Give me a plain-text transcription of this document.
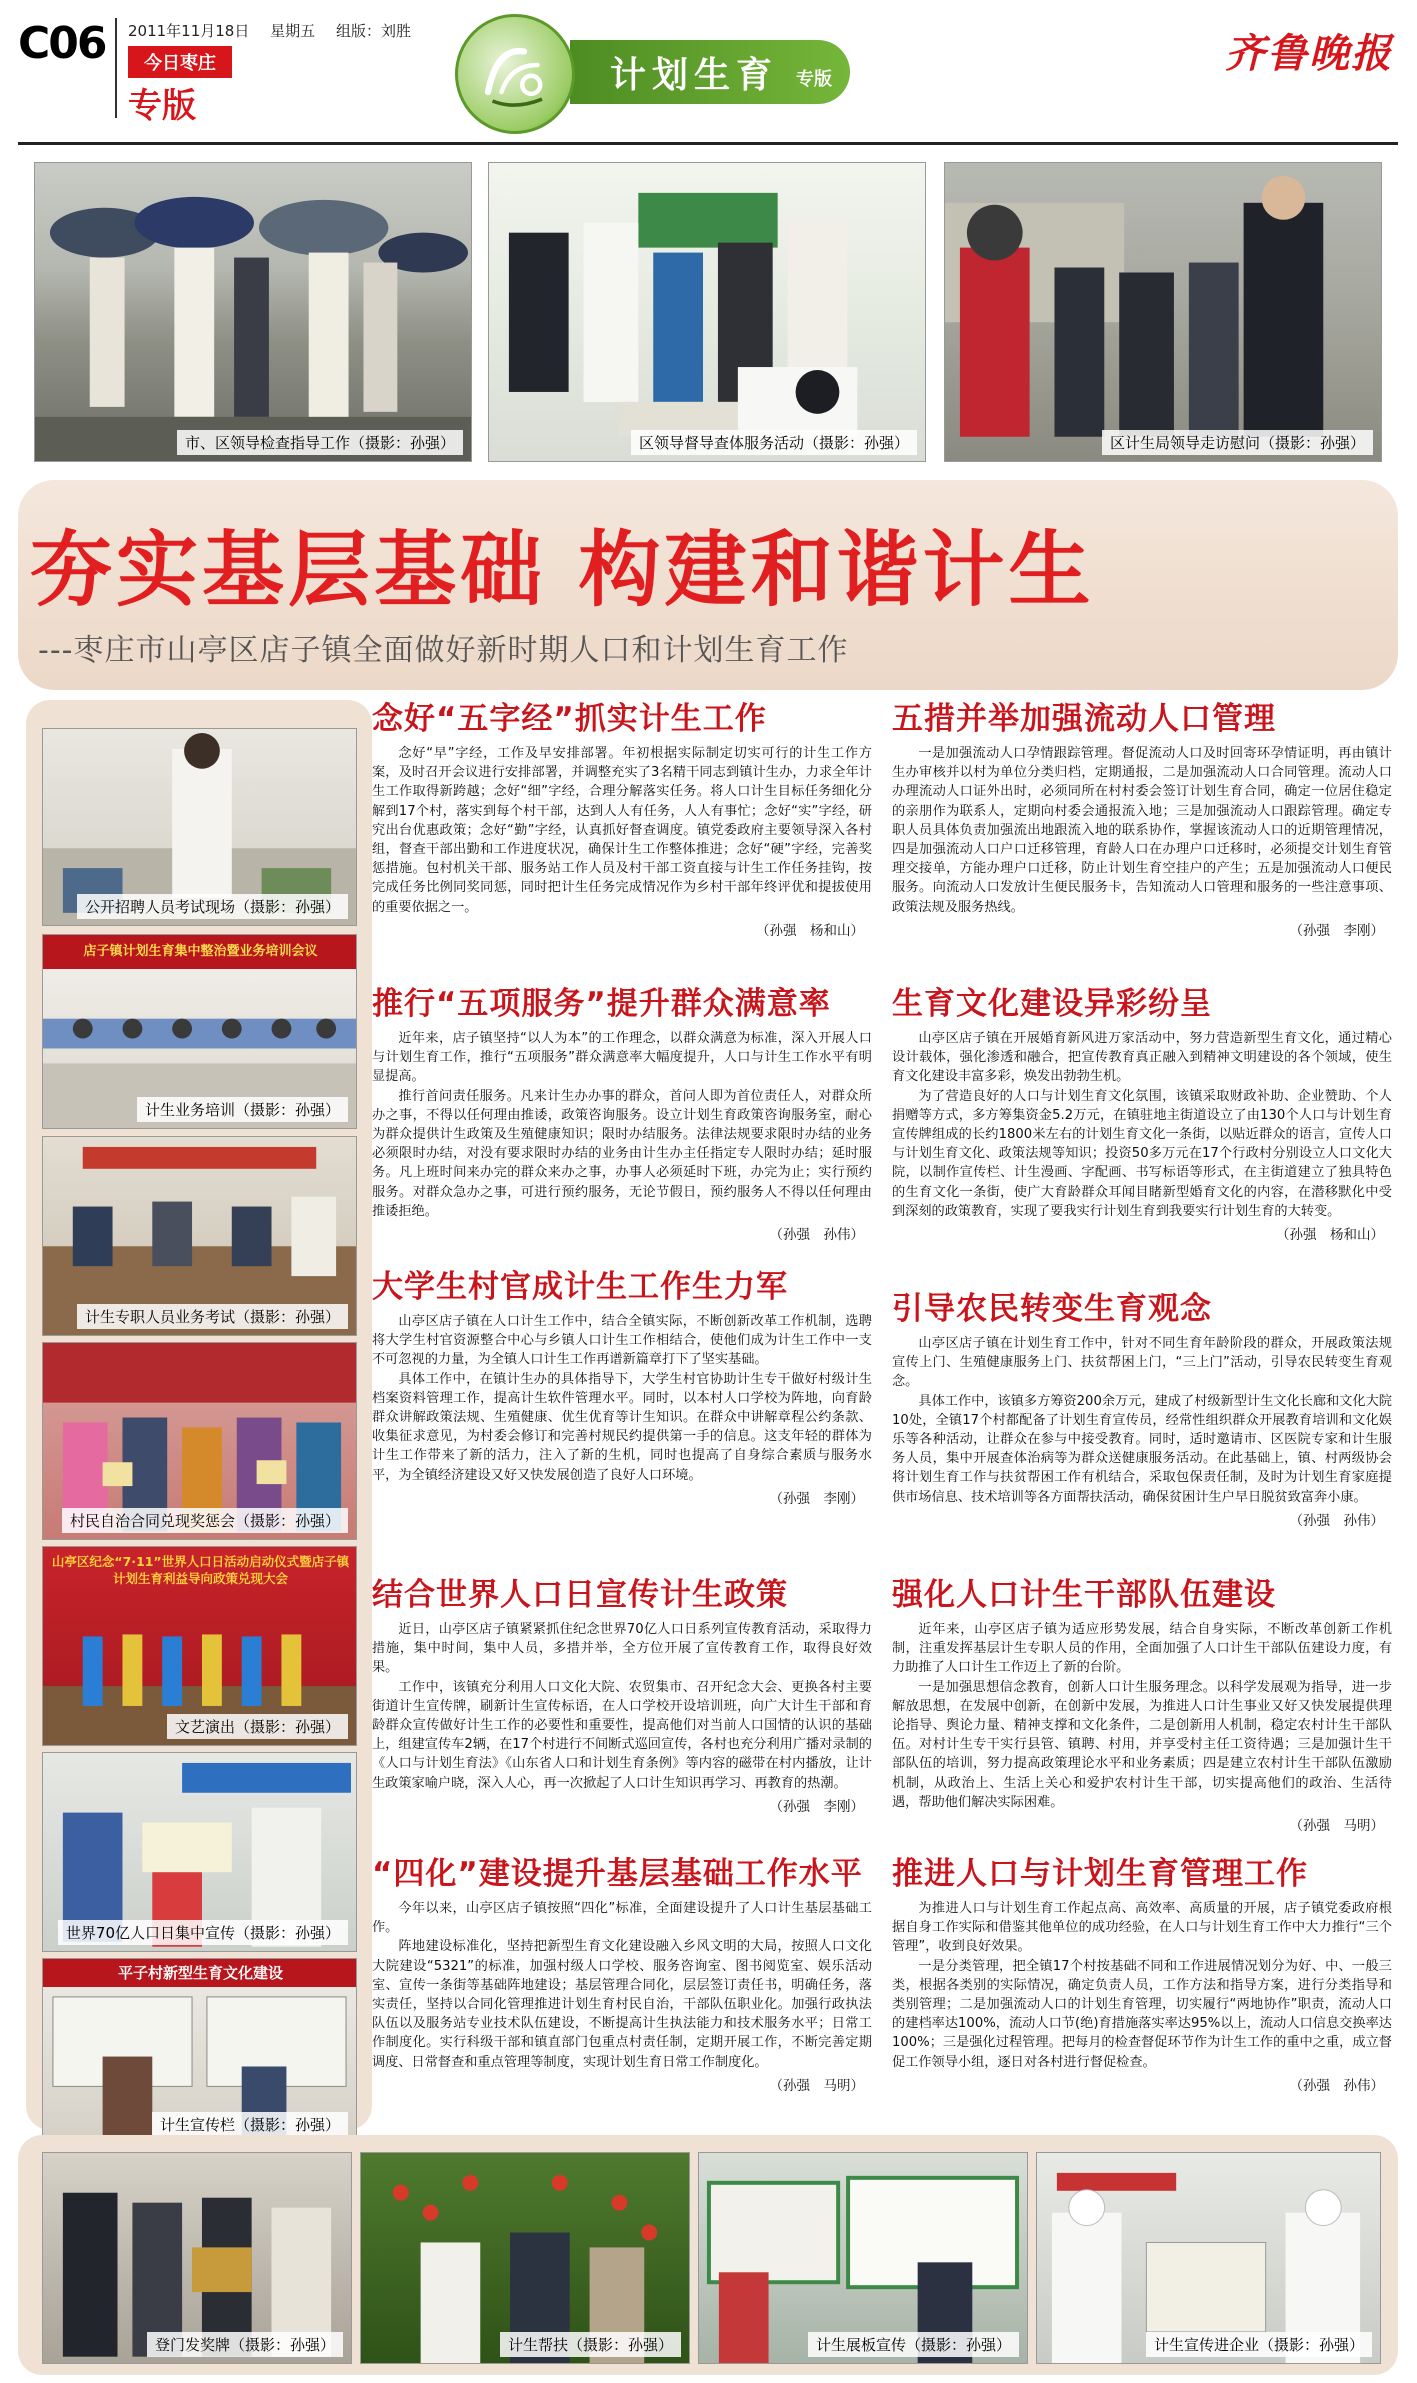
C06 2011年11月18日 星期五 组版：刘胜
今日枣庄
专版
计划生育 专版
齐鲁晚报
市、区领导检查指导工作（摄影：孙强）	区领导督导查体服务活动（摄影：孙强）	区计生局领导走访慰问（摄影：孙强）
夯实基层基础 构建和谐计生
---枣庄市山亭区店子镇全面做好新时期人口和计划生育工作
公开招聘人员考试现场（摄影：孙强）
店子镇计划生育集中整治暨业务培训会议
计生业务培训（摄影：孙强）
计生专职人员业务考试（摄影：孙强）
村民自治合同兑现奖惩会（摄影：孙强）
山亭区纪念“7·11”世界人口日活动启动仪式暨店子镇计划生育利益导向政策兑现大会
文艺演出（摄影：孙强）
世界70亿人口日集中宣传（摄影：孙强）
平子村新型生育文化建设
计生宣传栏（摄影：孙强）
念好“五字经”抓实计生工作

念好“早”字经，工作及早安排部署。年初根据实际制定切实可行的计生工作方案，及时召开会议进行安排部署，并调整充实了3名精干同志到镇计生办，力求全年计生工作取得新跨越；念好“细”字经，合理分解落实任务。将人口计生目标任务细化分解到17个村，落实到每个村干部，达到人人有任务，人人有事忙；念好“实”字经，研究出台优惠政策；念好“勤”字经，认真抓好督查调度。镇党委政府主要领导深入各村组，督查干部出勤和工作进度状况，确保计生工作整体推进；念好“硬”字经，完善奖惩措施。包村机关干部、服务站工作人员及村干部工资直接与计生工作任务挂钩，按完成任务比例同奖同惩，同时把计生任务完成情况作为乡村干部年终评优和提拔使用的重要依据之一。

（孙强　杨和山）
推行“五项服务”提升群众满意率

近年来，店子镇坚持“以人为本”的工作理念，以群众满意为标准，深入开展人口与计划生育工作，推行“五项服务”群众满意率大幅度提升，人口与计生工作水平有明显提高。

推行首问责任服务。凡来计生办办事的群众，首问人即为首位责任人，对群众所办之事，不得以任何理由推诿，政策咨询服务。设立计划生育政策咨询服务室，耐心为群众提供计生政策及生殖健康知识；限时办结服务。法律法规要求限时办结的业务必须限时办结，对没有要求限时办结的业务由计生办主任指定专人限时办结；延时服务。凡上班时间来办完的群众来办之事，办事人必须延时下班，办完为止；实行预约服务。对群众急办之事，可进行预约服务，无论节假日，预约服务人不得以任何理由推诿拒绝。

（孙强　孙伟）
大学生村官成计生工作生力军

山亭区店子镇在人口计生工作中，结合全镇实际，不断创新改革工作机制，选聘将大学生村官资源整合中心与乡镇人口计生工作相结合，使他们成为计生工作中一支不可忽视的力量，为全镇人口计生工作再谱新篇章打下了坚实基础。

具体工作中，在镇计生办的具体指导下，大学生村官协助计生专干做好村级计生档案资料管理工作，提高计生软件管理水平。同时，以本村人口学校为阵地，向育龄群众讲解政策法规、生殖健康、优生优育等计生知识。在群众中讲解章程公约条款、收集征求意见，为村委会修订和完善村规民约提供第一手的信息。这支年轻的群体为计生工作带来了新的活力，注入了新的生机，同时也提高了自身综合素质与服务水平，为全镇经济建设又好又快发展创造了良好人口环境。

（孙强　李刚）
结合世界人口日宣传计生政策

近日，山亭区店子镇紧紧抓住纪念世界70亿人口日系列宣传教育活动，采取得力措施，集中时间，集中人员，多措并举，全方位开展了宣传教育工作，取得良好效果。

工作中，该镇充分利用人口文化大院、农贸集市、召开纪念大会、更换各村主要街道计生宣传牌，刷新计生宣传标语，在人口学校开设培训班，向广大计生干部和育龄群众宣传做好计生工作的必要性和重要性，提高他们对当前人口国情的认识的基础上，组建宣传车2辆，在17个村进行不间断式巡回宣传，各村也充分利用广播对录制的《人口与计划生育法》《山东省人口和计划生育条例》等内容的磁带在村内播放，让计生政策家喻户晓，深入人心，再一次掀起了人口计生知识再学习、再教育的热潮。

（孙强　李刚）
“四化”建设提升基层基础工作水平

今年以来，山亭区店子镇按照“四化”标准，全面建设提升了人口计生基层基础工作。

阵地建设标准化，坚持把新型生育文化建设融入乡风文明的大局，按照人口文化大院建设“5321”的标准，加强村级人口学校、服务咨询室、图书阅览室、娱乐活动室、宣传一条街等基础阵地建设；基层管理合同化，层层签订责任书，明确任务，落实责任，坚持以合同化管理推进计划生育村民自治，干部队伍职业化。加强行政执法队伍以及服务站专业技术队伍建设，不断提高计生执法能力和技术服务水平；日常工作制度化。实行科级干部和镇直部门包重点村责任制，定期开展工作，不断完善定期调度、日常督查和重点管理等制度，实现计划生育日常工作制度化。

（孙强　马明）
五措并举加强流动人口管理

一是加强流动人口孕情跟踪管理。督促流动人口及时回寄环孕情证明，再由镇计生办审核并以村为单位分类归档，定期通报，二是加强流动人口合同管理。流动人口办理流动人口证外出时，必须同所在村村委会签订计划生育合同，确定一位居住稳定的亲朋作为联系人，定期向村委会通报流入地；三是加强流动人口跟踪管理。确定专职人员具体负责加强流出地跟流入地的联系协作，掌握该流动人口的近期管理情况，四是加强流动人口户口迁移管理，育龄人口在办理户口迁移时，必须提交计划生育管理交接单，方能办理户口迁移，防止计划生育空挂户的产生；五是加强流动人口便民服务。向流动人口发放计生便民服务卡，告知流动人口管理和服务的一些注意事项、政策法规及服务热线。

（孙强　李刚）
生育文化建设异彩纷呈

山亭区店子镇在开展婚育新风进万家活动中，努力营造新型生育文化，通过精心设计载体，强化渗透和融合，把宣传教育真正融入到精神文明建设的各个领域，使生育文化建设丰富多彩，焕发出勃勃生机。

为了营造良好的人口与计划生育文化氛围，该镇采取财政补助、企业赞助、个人捐赠等方式，多方筹集资金5.2万元，在镇驻地主街道设立了由130个人口与计划生育宣传牌组成的长约1800米左右的计划生育文化一条街，以贴近群众的语言，宣传人口与计划生育文化、政策法规等知识；投资50多万元在17个行政村分别设立人口文化大院，以制作宣传栏、计生漫画、字配画、书写标语等形式，在主街道建立了独具特色的生育文化一条街，使广大育龄群众耳闻目睹新型婚育文化的内容，在潜移默化中受到深刻的政策教育，实现了要我实行计划生育到我要实行计划生育的大转变。

（孙强　杨和山）
引导农民转变生育观念

山亭区店子镇在计划生育工作中，针对不同生育年龄阶段的群众，开展政策法规宣传上门、生殖健康服务上门、扶贫帮困上门，“三上门”活动，引导农民转变生育观念。

具体工作中，该镇多方筹资200余万元，建成了村级新型计生文化长廊和文化大院10处，全镇17个村都配备了计划生育宣传员，经常性组织群众开展教育培训和文化娱乐等各种活动，让群众在参与中接受教育。同时，适时邀请市、区医院专家和计生服务人员，集中开展查体治病等为群众送健康服务活动。在此基础上，镇、村两级协会将计划生育工作与扶贫帮困工作有机结合，采取包保责任制，及时为计划生育家庭提供市场信息、技术培训等各方面帮扶活动，确保贫困计生户早日脱贫致富奔小康。

（孙强　孙伟）
强化人口计生干部队伍建设

近年来，山亭区店子镇为适应形势发展，结合自身实际，不断改革创新工作机制，注重发挥基层计生专职人员的作用，全面加强了人口计生干部队伍建设力度，有力助推了人口计生工作迈上了新的台阶。

一是加强思想信念教育，创新人口计生服务理念。以科学发展观为指导，进一步解放思想，在发展中创新，在创新中发展，为推进人口计生事业又好又快发展提供理论指导、舆论力量、精神支撑和文化条件，二是创新用人机制，稳定农村计生干部队伍。对村计生专干实行县管、镇聘、村用，并享受村主任工资待遇；三是加强计生干部队伍的培训，努力提高政策理论水平和业务素质；四是建立农村计生干部队伍激励机制，从政治上、生活上关心和爱护农村计生干部，切实提高他们的政治、生活待遇，帮助他们解决实际困难。

（孙强　马明）
推进人口与计划生育管理工作

为推进人口与计划生育工作起点高、高效率、高质量的开展，店子镇党委政府根据自身工作实际和借鉴其他单位的成功经验，在人口与计划生育工作中大力推行“三个管理”，收到良好效果。

一是分类管理，把全镇17个村按基础不同和工作进展情况划分为好、中、一般三类，根据各类别的实际情况，确定负责人员，工作方法和指导方案，进行分类指导和类别管理；二是加强流动人口的计划生育管理，切实履行“两地协作”职责，流动人口的建档率达100%，流动人口节(绝)育措施落实率达95%以上，流动人口信息交换率达100%；三是强化过程管理。把每月的检查督促环节作为计生工作的重中之重，成立督促工作领导小组，逐日对各村进行督促检查。

（孙强　孙伟）
登门发奖牌（摄影：孙强）	计生帮扶（摄影：孙强）	计生展板宣传（摄影：孙强）	计生宣传进企业（摄影：孙强）
